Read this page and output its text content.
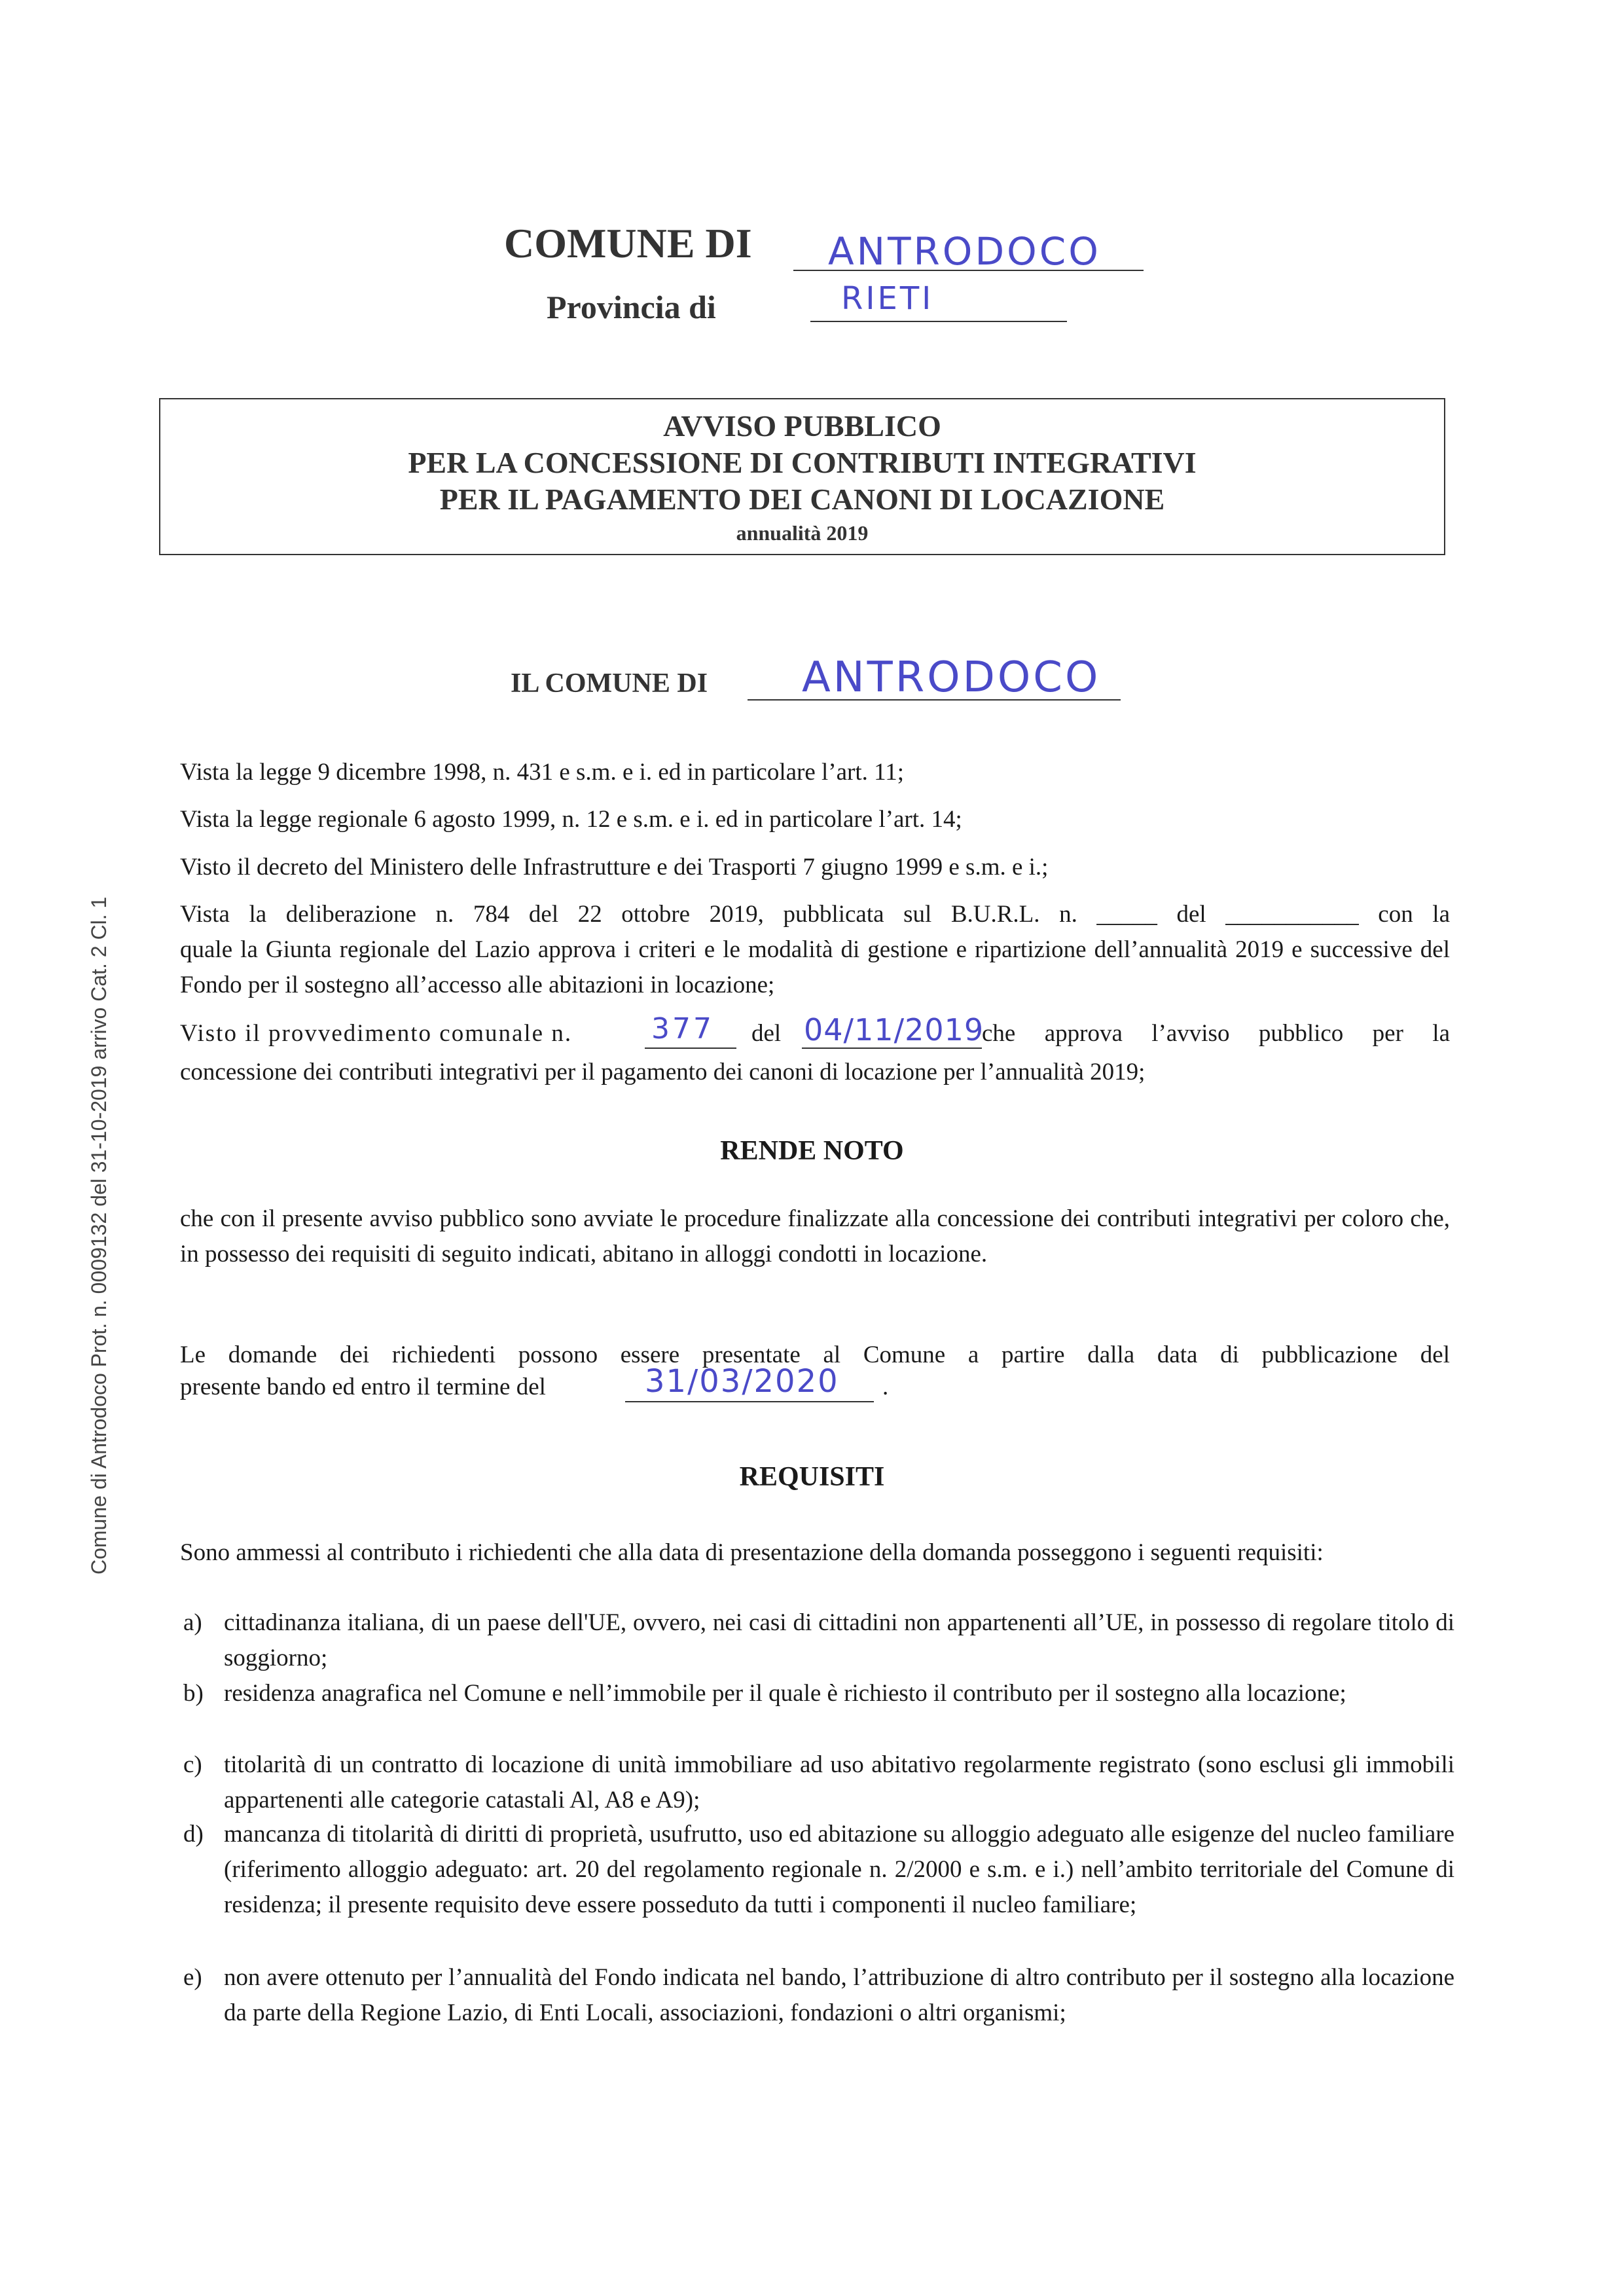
COMUNE DI ANTRODOCO
Provincia di	RIETI
AVVISO PUBBLICO
PER LA CONCESSIONE DI CONTRIBUTI INTEGRATIVI
PER IL PAGAMENTO DEI CANONI DI LOCAZIONE
annualità 2019
IL COMUNE DI ANTRODOCO
Comune di Antrodoco Prot. n. 0009132 del 31-10-2019 arrivo Cat. 2 Cl. 1
Vista la legge 9 dicembre 1998, n. 431 e s.m. e i. ed in particolare l’art. 11;
Vista la legge regionale 6 agosto 1999, n. 12 e s.m. e i. ed in particolare l’art. 14;
Visto il decreto del Ministero delle Infrastrutture e dei Trasporti 7 giugno 1999 e s.m. e i.;
Vista la deliberazione n. 784 del 22 ottobre 2019, pubblicata sul B.U.R.L. n. _____ del ___________ con la
quale la Giunta regionale del Lazio approva i criteri e le modalità di gestione e ripartizione dell’annualità 2019 e successive del Fondo per il sostegno all’accesso alle abitazioni in locazione;
Visto il provvedimento comunale n.	377 del 04/11/2019
che approva l’avviso pubblico per la
concessione dei contributi integrativi per il pagamento dei canoni di locazione per l’annualità 2019;
RENDE NOTO
che con il presente avviso pubblico sono avviate le procedure finalizzate alla concessione dei contributi integrativi per coloro che, in possesso dei requisiti di seguito indicati, abitano in alloggi condotti in locazione.
Le domande dei richiedenti possono essere presentate al Comune a partire dalla data di pubblicazione del
presente bando ed entro il termine del	31/03/2020 .
REQUISITI
Sono ammessi al contributo i richiedenti che alla data di presentazione della domanda posseggono i seguenti requisiti:
a) cittadinanza italiana, di un paese dell'UE, ovvero, nei casi di cittadini non appartenenti all’UE, in possesso di regolare titolo di soggiorno;
b) residenza anagrafica nel Comune e nell’immobile per il quale è richiesto il contributo per il sostegno alla locazione;
c) titolarità di un contratto di locazione di unità immobiliare ad uso abitativo regolarmente registrato (sono esclusi gli immobili appartenenti alle categorie catastali Al, A8 e A9);
d) mancanza di titolarità di diritti di proprietà, usufrutto, uso ed abitazione su alloggio adeguato alle esigenze del nucleo familiare (riferimento alloggio adeguato: art. 20 del regolamento regionale n. 2/2000 e s.m. e i.) nell’ambito territoriale del Comune di residenza; il presente requisito deve essere posseduto da tutti i componenti il nucleo familiare;
e) non avere ottenuto per l’annualità del Fondo indicata nel bando, l’attribuzione di altro contributo per il sostegno alla locazione da parte della Regione Lazio, di Enti Locali, associazioni, fondazioni o altri organismi;
